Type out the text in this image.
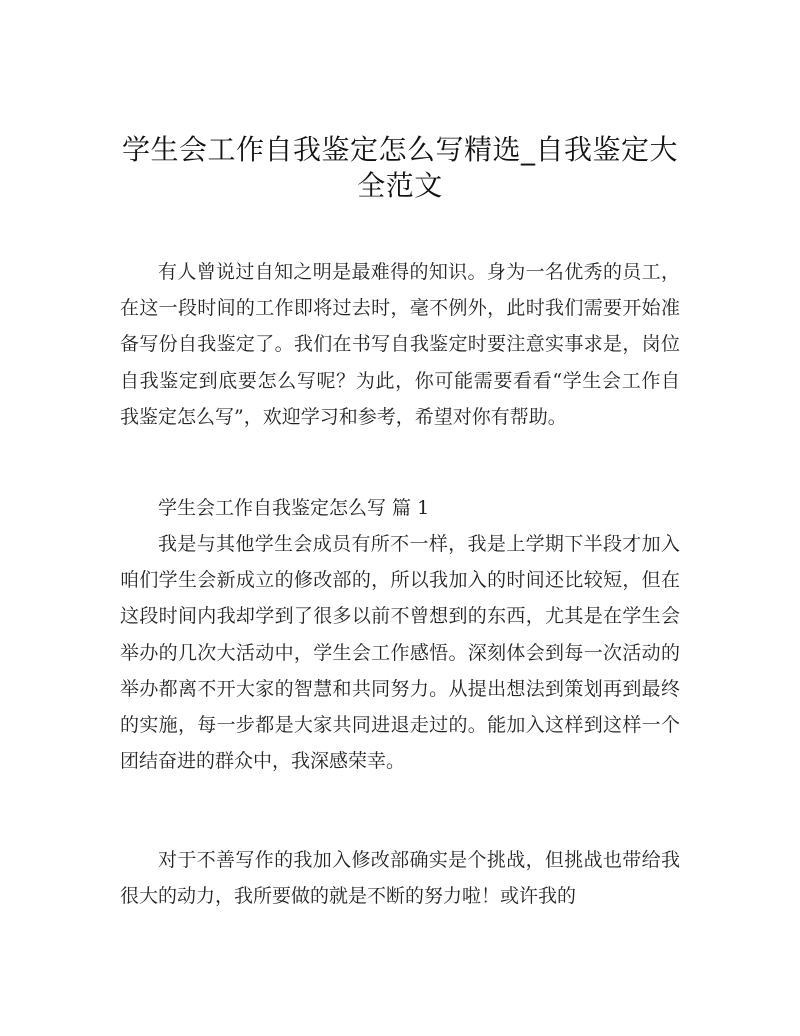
学生会工作自我鉴定怎么写精选_自我鉴定大
全范文

有人曾说过自知之明是最难得的知识。身为一名优秀的员工，在这一段时间的工作即将过去时，毫不例外，此时我们需要开始准备写份自我鉴定了。我们在书写自我鉴定时要注意实事求是，岗位自我鉴定到底要怎么写呢？为此，你可能需要看看“学生会工作自我鉴定怎么写”，欢迎学习和参考，希望对你有帮助。

学生会工作自我鉴定怎么写 篇 1

我是与其他学生会成员有所不一样，我是上学期下半段才加入咱们学生会新成立的修改部的，所以我加入的时间还比较短，但在这段时间内我却学到了很多以前不曾想到的东西，尤其是在学生会举办的几次大活动中，学生会工作感悟。深刻体会到每一次活动的举办都离不开大家的智慧和共同努力。从提出想法到策划再到最终的实施，每一步都是大家共同进退走过的。能加入这样到这样一个团结奋进的群众中，我深感荣幸。

对于不善写作的我加入修改部确实是个挑战，但挑战也带给我很大的动力，我所要做的就是不断的努力啦！或许我的
